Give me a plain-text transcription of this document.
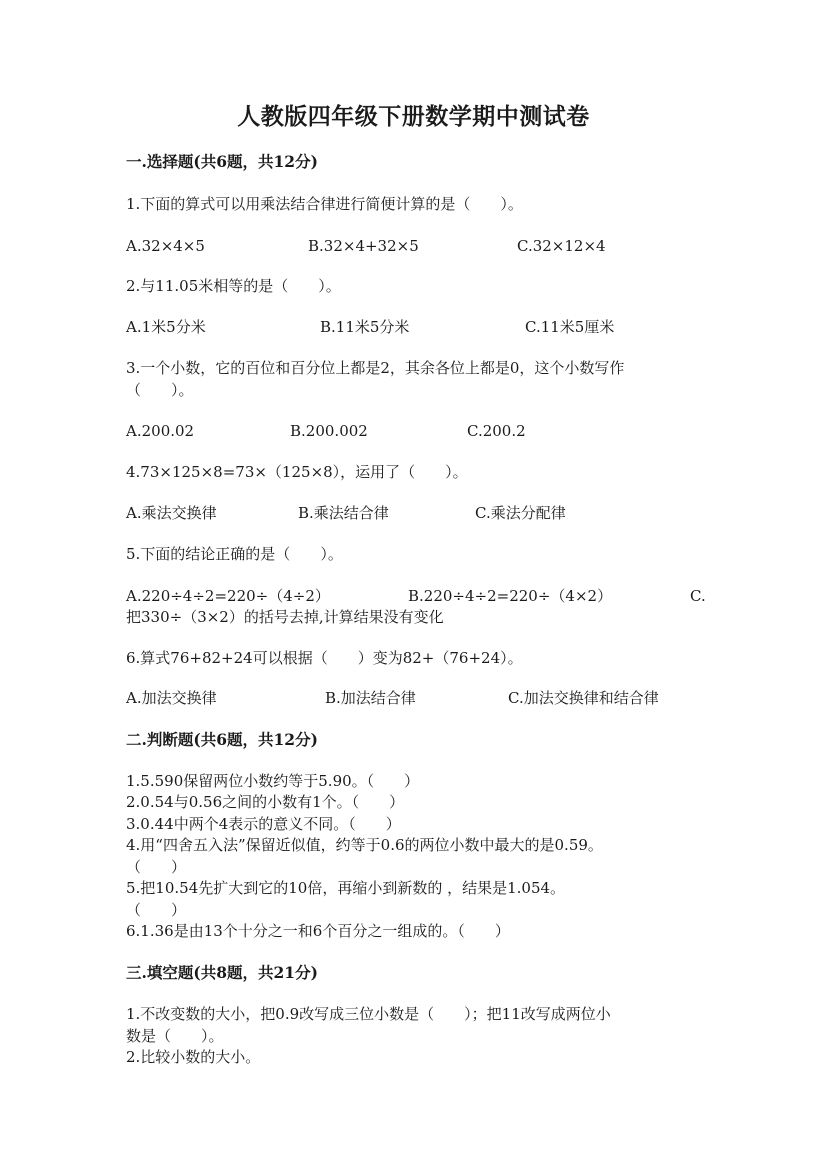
人教版四年级下册数学期中测试卷
一.选择题(共6题，共12分)
1.下面的算式可以用乘法结合律进行简便计算的是（　　）。
A.32×4×5	B.32×4+32×5	C.32×12×4
2.与11.05米相等的是（　　）。
A.1米5分米	B.11米5分米	C.11米5厘米
3.一个小数，它的百位和百分位上都是2，其余各位上都是0，这个小数写作
（　　）。
A.200.02	B.200.002	C.200.2
4.73×125×8=73×（125×8），运用了（　　）。
A.乘法交换律	B.乘法结合律	C.乘法分配律
5.下面的结论正确的是（　　）。
A.220÷4÷2=220÷（4÷2）	B.220÷4÷2=220÷（4×2）	C.
把330÷（3×2）的括号去掉,计算结果没有变化
6.算式76+82+24可以根据（　　）变为82+（76+24）。
A.加法交换律	B.加法结合律	C.加法交换律和结合律
二.判断题(共6题，共12分)
1.5.590保留两位小数约等于5.90。（　　）
2.0.54与0.56之间的小数有1个。（　　）
3.0.44中两个4表示的意义不同。（　　）
4.用“四舍五入法”保留近似值，约等于0.6的两位小数中最大的是0.59。
（　　）
5.把10.54先扩大到它的10倍，再缩小到新数的 ，结果是1.054。
（　　）
6.1.36是由13个十分之一和6个百分之一组成的。（　　）
三.填空题(共8题，共21分)
1.不改变数的大小，把0.9改写成三位小数是（　　）；把11改写成两位小
数是（　　）。
2.比较小数的大小。
